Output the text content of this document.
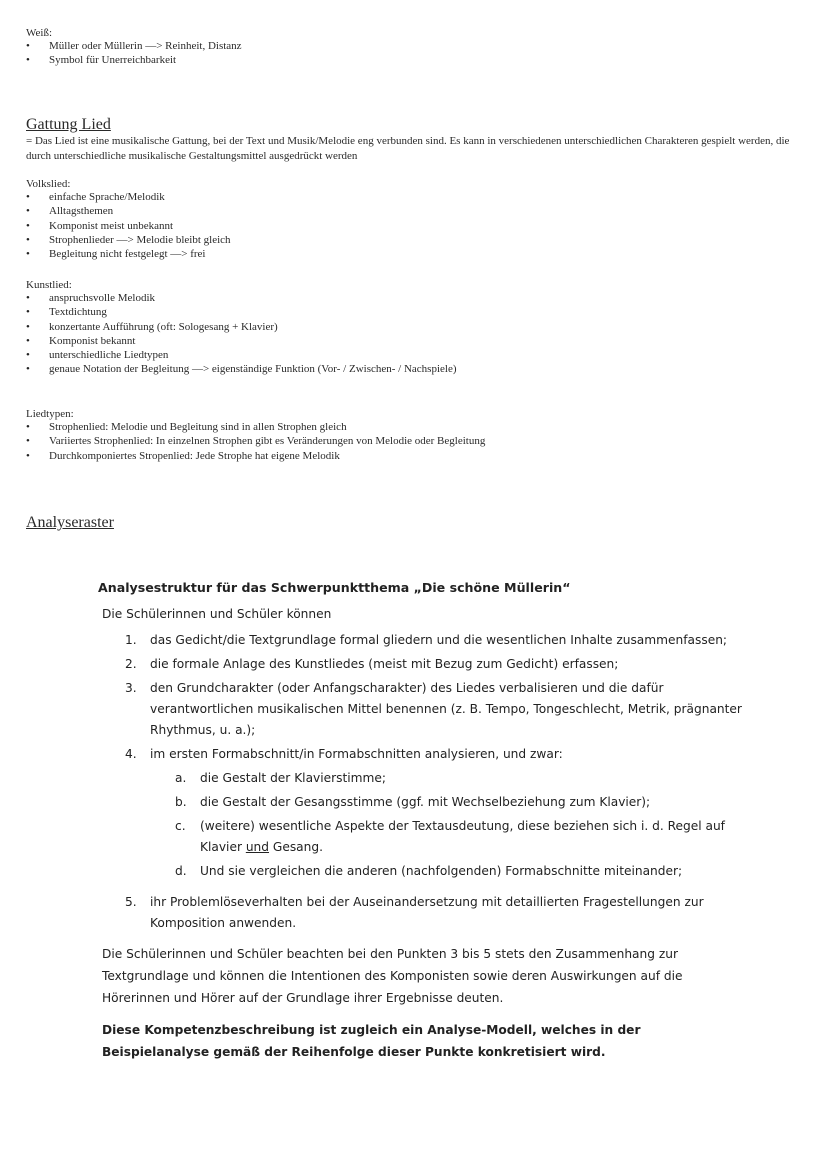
Weiß:

• Müller oder Müllerin —> Reinheit, Distanz
• Symbol für Unerreichbarkeit

Gattung Lied

= Das Lied ist eine musikalische Gattung, bei der Text und Musik/Melodie eng verbunden sind. Es kann in verschiedenen unterschiedlichen Charakteren gespielt werden, die durch unterschiedliche musikalische Gestaltungsmittel ausgedrückt werden

Volkslied:

• einfache Sprache/Melodik
• Alltagsthemen
• Komponist meist unbekannt
• Strophenlieder —> Melodie bleibt gleich
• Begleitung nicht festgelegt —> frei

Kunstlied:

• anspruchsvolle Melodik
• Textdichtung
• konzertante Aufführung (oft: Sologesang + Klavier)
• Komponist bekannt
• unterschiedliche Liedtypen
• genaue Notation der Begleitung —> eigenständige Funktion (Vor- / Zwischen- / Nachspiele)

Liedtypen:

• Strophenlied: Melodie und Begleitung sind in allen Strophen gleich
• Variiertes Strophenlied: In einzelnen Strophen gibt es Veränderungen von Melodie oder Begleitung
• Durchkomponiertes Stropenlied: Jede Strophe hat eigene Melodik

Analyseraster

Analysestruktur für das Schwerpunktthema „Die schöne Müllerin“

Die Schülerinnen und Schüler können

1. das Gedicht/die Textgrundlage formal gliedern und die wesentlichen Inhalte zusammenfassen;
2. die formale Anlage des Kunstliedes (meist mit Bezug zum Gedicht) erfassen;
3. den Grundcharakter (oder Anfangscharakter) des Liedes verbalisieren und die dafür verantwortlichen musikalischen Mittel benennen (z. B. Tempo, Tongeschlecht, Metrik, prägnanter Rhythmus, u. a.);
4. im ersten Formabschnitt/in Formabschnitten analysieren, und zwar:
a. die Gestalt der Klavierstimme;
b. die Gestalt der Gesangsstimme (ggf. mit Wechselbeziehung zum Klavier);
c. (weitere) wesentliche Aspekte der Textausdeutung, diese beziehen sich i. d. Regel auf Klavier und Gesang.
d. Und sie vergleichen die anderen (nachfolgenden) Formabschnitte miteinander;
5. ihr Problemlöseverhalten bei der Auseinandersetzung mit detaillierten Fragestellungen zur Komposition anwenden.

Die Schülerinnen und Schüler beachten bei den Punkten 3 bis 5 stets den Zusammenhang zur Textgrundlage und können die Intentionen des Komponisten sowie deren Auswirkungen auf die Hörerinnen und Hörer auf der Grundlage ihrer Ergebnisse deuten.

Diese Kompetenzbeschreibung ist zugleich ein Analyse-Modell, welches in der Beispielanalyse gemäß der Reihenfolge dieser Punkte konkretisiert wird.
